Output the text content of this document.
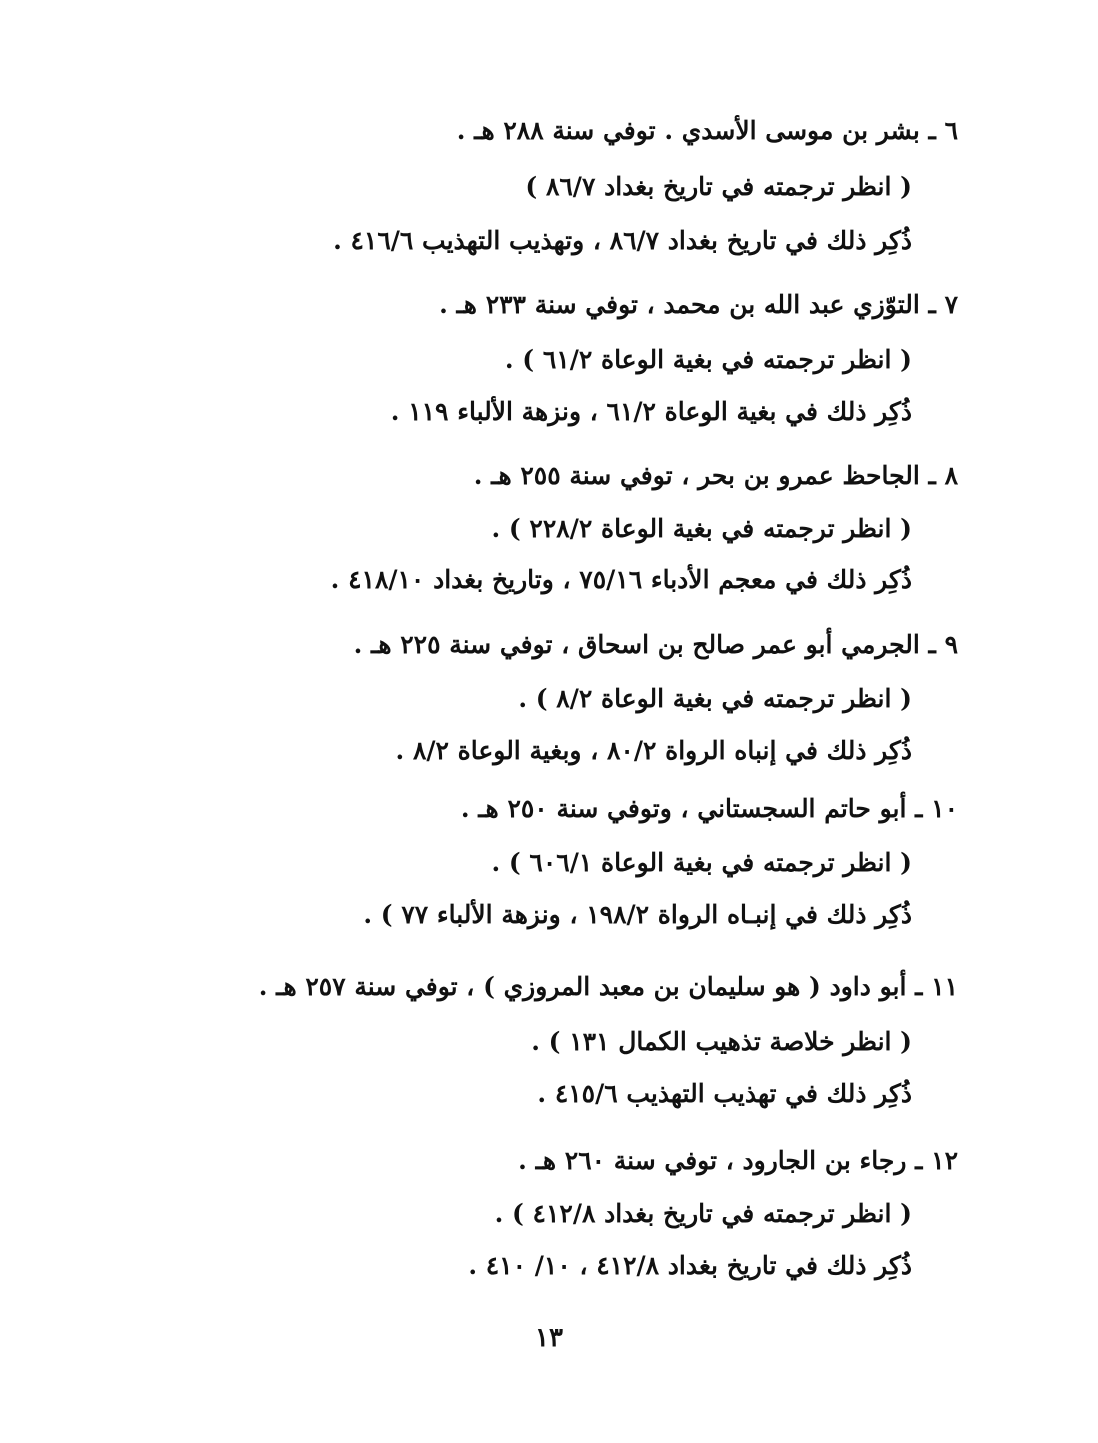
٦ ـ بشر بن موسى الأسدي . توفي سنة ٢٨٨ هـ .
( انظر ترجمته في تاريخ بغداد ٨٦/٧ )
ذُكِر ذلك في تاريخ بغداد ٨٦/٧ ، وتهذيب التهذيب ٤١٦/٦ .
٧ ـ التوّزي عبد الله بن محمد ، توفي سنة ٢٣٣ هـ .
( انظر ترجمته في بغية الوعاة ٦١/٢ ) .
ذُكِر ذلك في بغية الوعاة ٦١/٢ ، ونزهة الألباء ١١٩ .
٨ ـ الجاحظ عمرو بن بحر ، توفي سنة ٢٥٥ هـ .
( انظر ترجمته في بغية الوعاة ٢٢٨/٢ ) .
ذُكِر ذلك في معجم الأدباء ٧٥/١٦ ، وتاريخ بغداد ٤١٨/١٠ .
٩ ـ الجرمي أبو عمر صالح بن اسحاق ، توفي سنة ٢٢٥ هـ .
( انظر ترجمته في بغية الوعاة ٨/٢ ) .
ذُكِر ذلك في إنباه الرواة ٨٠/٢ ، وبغية الوعاة ٨/٢ .
١٠ ـ أبو حاتم السجستاني ، وتوفي سنة ٢٥٠ هـ .
( انظر ترجمته في بغية الوعاة ٦٠٦/١ ) .
ذُكِر ذلك في إنبـاه الرواة ١٩٨/٢ ، ونزهة الألباء ٧٧ ) .
١١ ـ أبو داود ( هو سليمان بن معبد المروزي ) ، توفي سنة ٢٥٧ هـ .
( انظر خلاصة تذهيب الكمال ١٣١ ) .
ذُكِر ذلك في تهذيب التهذيب ٤١٥/٦ .
١٢ ـ رجاء بن الجارود ، توفي سنة ٢٦٠ هـ .
( انظر ترجمته في تاريخ بغداد ٤١٢/٨ ) .
ذُكِر ذلك في تاريخ بغداد ٤١٢/٨ ، ١٠/ ٤١٠ .
١٣
